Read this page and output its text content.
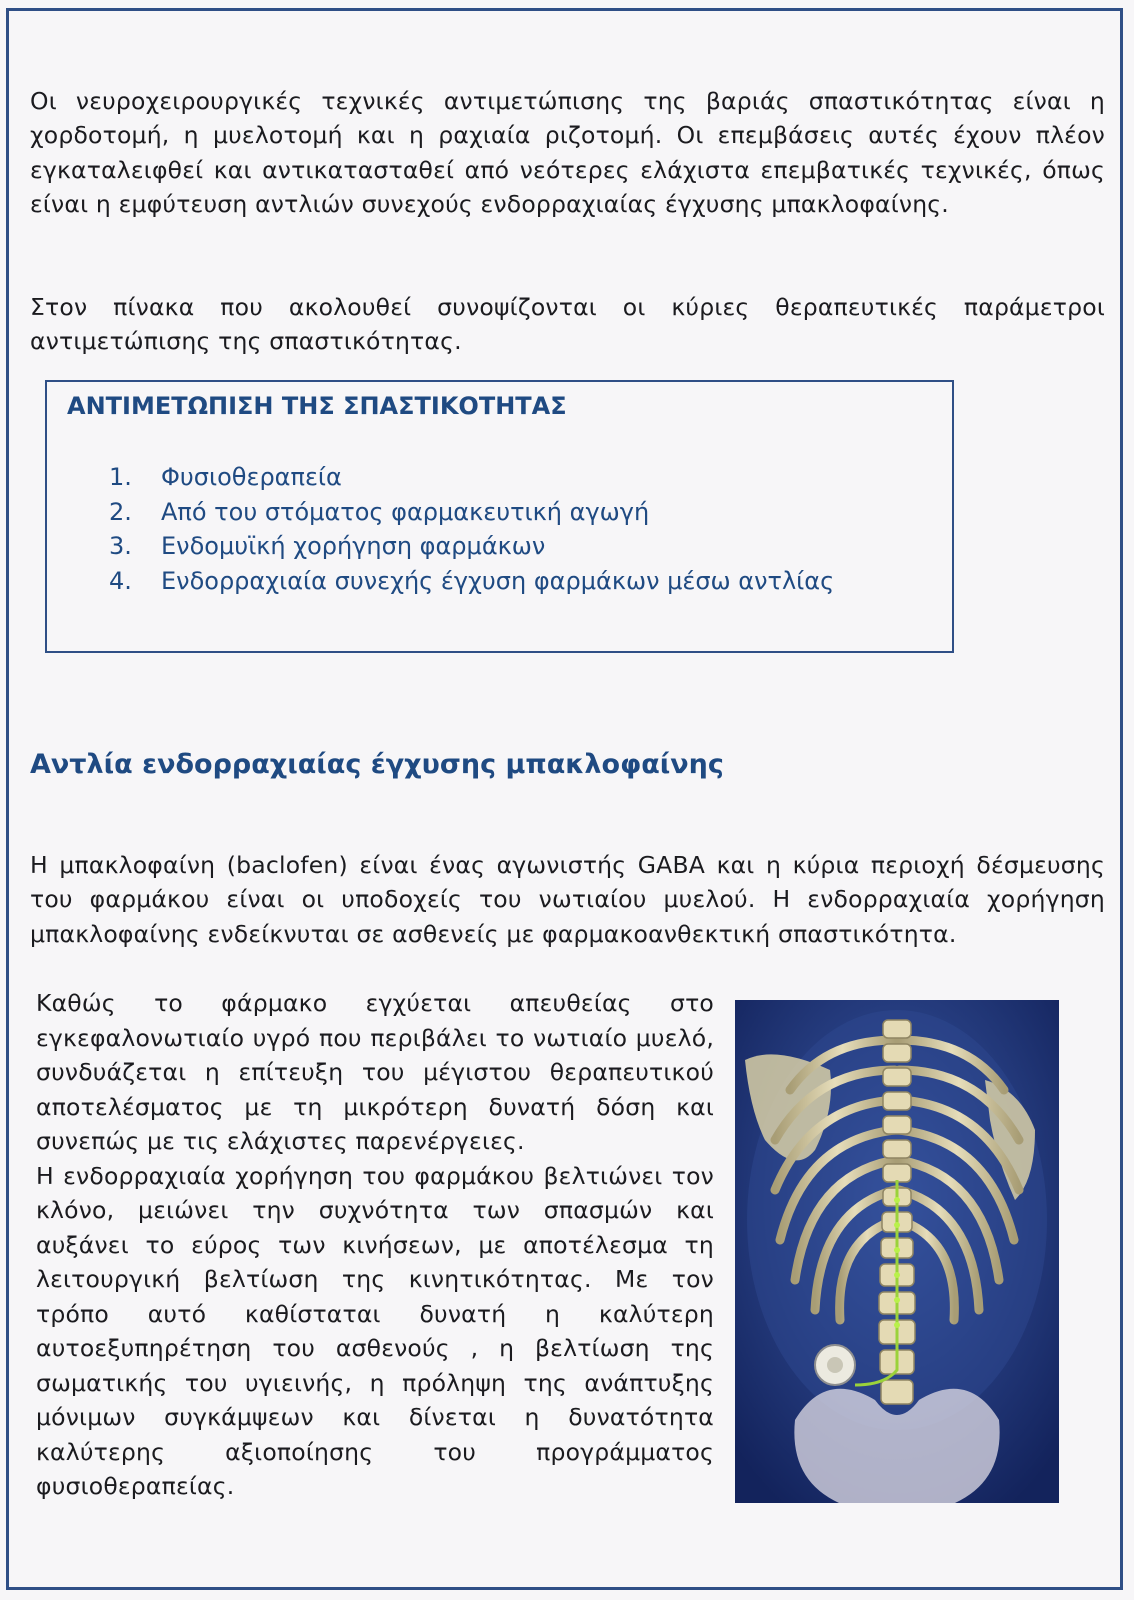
Οι νευροχειρουργικές τεχνικές αντιμετώπισης της βαριάς σπαστικότητας είναι η χορδοτομή, η μυελοτομή και η ραχιαία ριζοτομή. Οι επεμβάσεις αυτές έχουν πλέον εγκαταλειφθεί και αντικατασταθεί από νεότερες ελάχιστα επεμβατικές τεχνικές, όπως είναι η εμφύτευση αντλιών συνεχούς ενδορραχιαίας έγχυσης μπακλοφαίνης.

Στον πίνακα που ακολουθεί συνοψίζονται οι κύριες θεραπευτικές παράμετροι αντιμετώπισης της σπαστικότητας.

ΑΝΤΙΜΕΤΩΠΙΣΗ ΤΗΣ ΣΠΑΣΤΙΚΟΤΗΤΑΣ
1. Φυσιοθεραπεία
2. Από του στόματος φαρμακευτική αγωγή
3. Ενδομυϊκή χορήγηση φαρμάκων
4. Ενδορραχιαία συνεχής έγχυση φαρμάκων μέσω αντλίας
Αντλία ενδορραχιαίας έγχυσης μπακλοφαίνης

Η μπακλοφαίνη (baclofen) είναι ένας αγωνιστής GABA και η κύρια περιοχή δέσμευσης του φαρμάκου είναι οι υποδοχείς του νωτιαίου μυελού. Η ενδορραχιαία χορήγηση μπακλοφαίνης ενδείκνυται σε ασθενείς με φαρμακοανθεκτική σπαστικότητα.

Καθώς το φάρμακο εγχύεται απευθείας στο εγκεφαλονωτιαίο υγρό που περιβάλει το νωτιαίο μυελό, συνδυάζεται η επίτευξη του μέγιστου θεραπευτικού αποτελέσματος με τη μικρότερη δυνατή δόση και συνεπώς με τις ελάχιστες παρενέργειες.
Η ενδορραχιαία χορήγηση του φαρμάκου βελτιώνει τον κλόνο, μειώνει την συχνότητα των σπασμών και αυξάνει το εύρος των κινήσεων, με αποτέλεσμα τη λειτουργική βελτίωση της κινητικότητας. Με τον τρόπο αυτό καθίσταται δυνατή η καλύτερη αυτοεξυπηρέτηση του ασθενούς , η βελτίωση της σωματικής του υγιεινής, η πρόληψη της ανάπτυξης μόνιμων συγκάμψεων και δίνεται η δυνατότητα καλύτερης αξιοποίησης του προγράμματος φυσιοθεραπείας.
